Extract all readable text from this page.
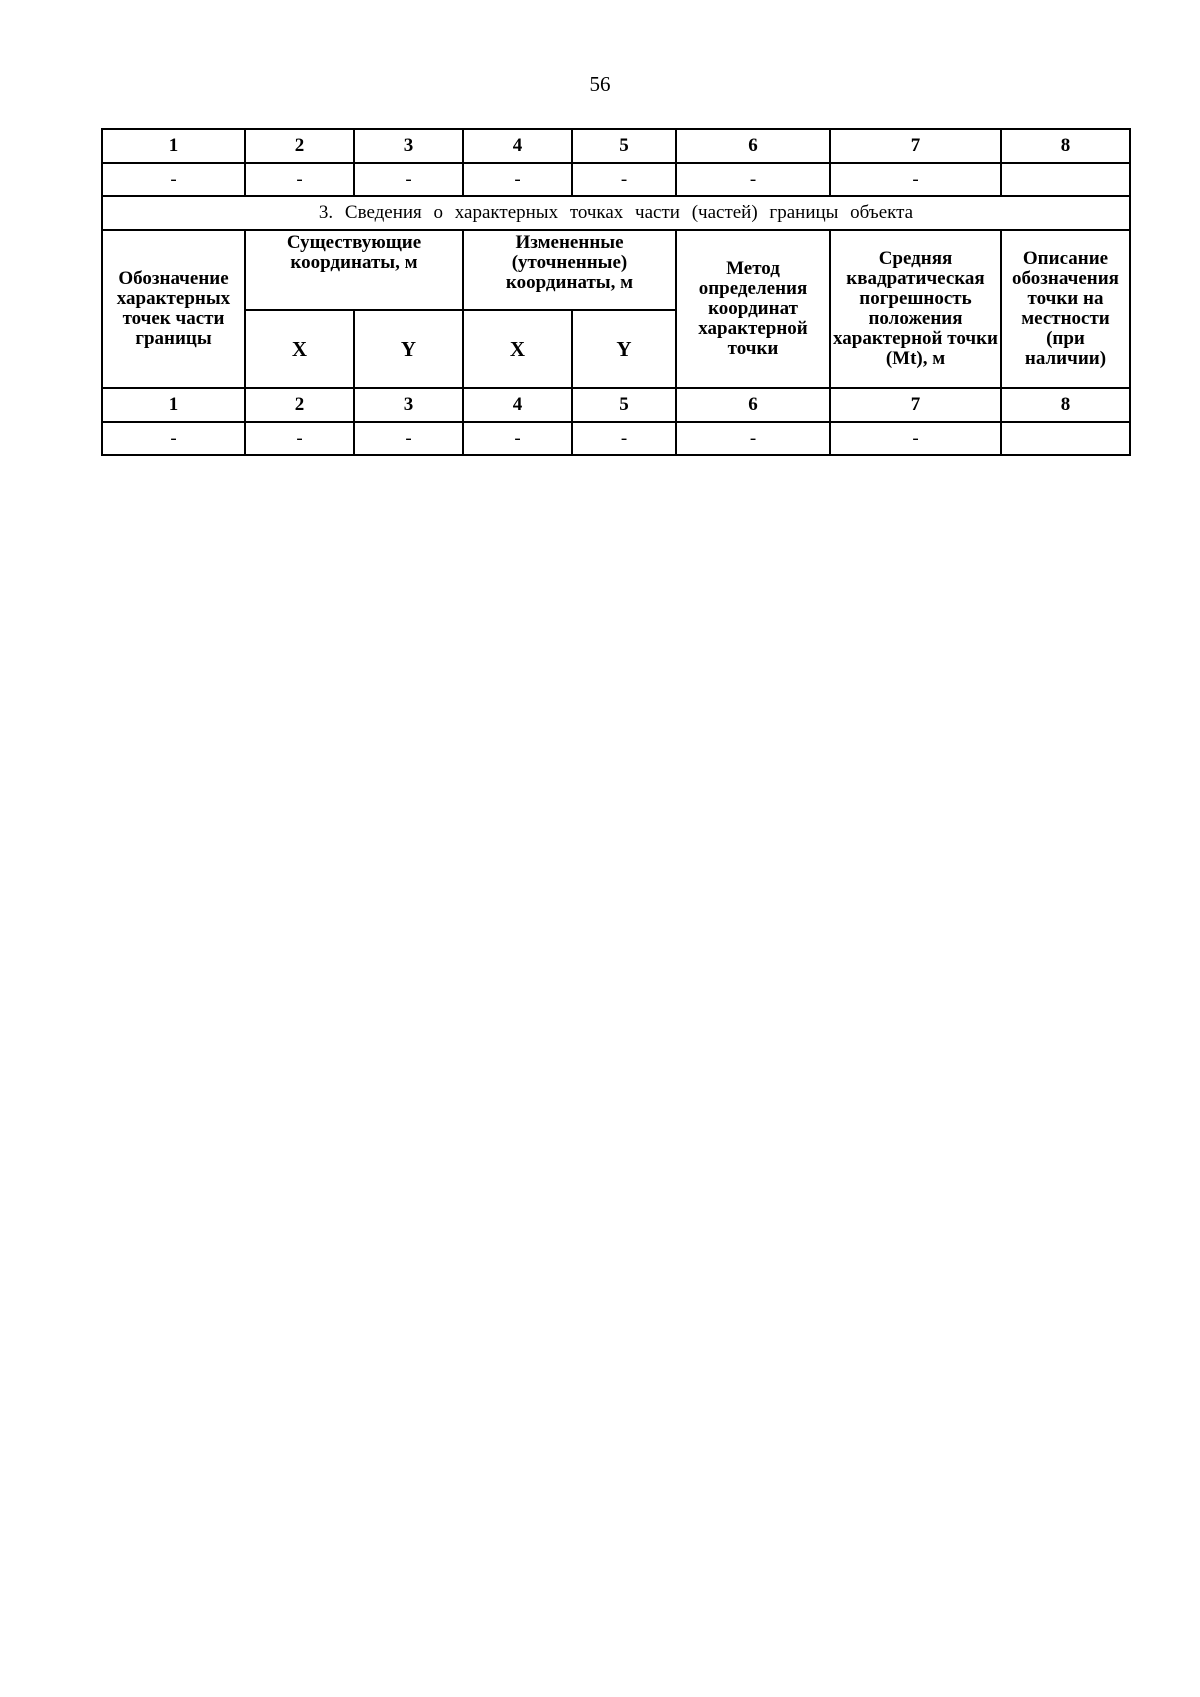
56
1	2	3	4	5	6	7	8
-	-	-	-	-	-	-	
3. Сведения о характерных точках части (частей) границы объекта							
Обозначение характерных точек части границы	Существующие координаты, м		Измененные (уточненные) координаты, м		Метод определения координат характерной точки	Средняя квадратическая погрешность положения характерной точки (Mt), м	Описание обозначения точки на местности (при наличии)
	X	Y	X	Y			
1	2	3	4	5	6	7	8
-	-	-	-	-	-	-	
